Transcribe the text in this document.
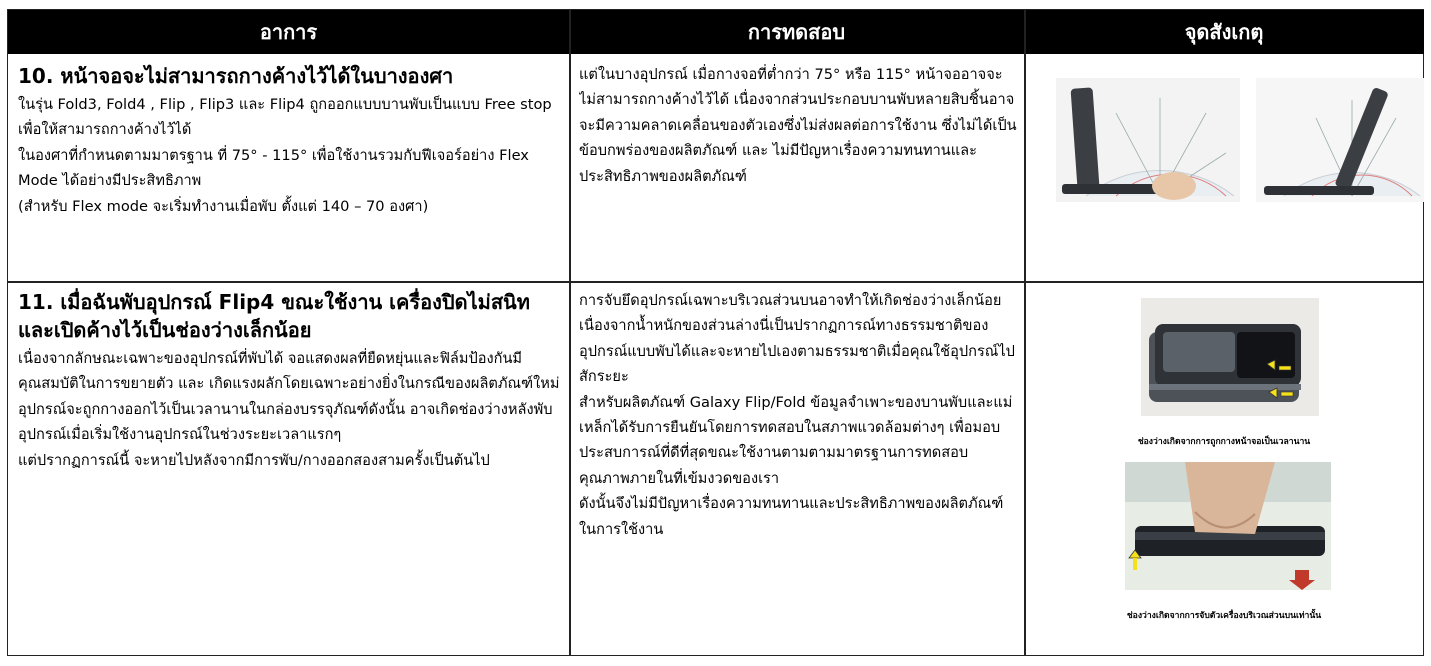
อาการ	การทดสอบ	จุดสังเกตุ
10. หน้าจอจะไม่สามารถกางค้างไว้ได้ในบางองศา

ในรุ่น Fold3, Fold4 , Flip , Flip3 และ Flip4 ถูกออกแบบบานพับเป็นแบบ Free stop เพื่อให้สามารถกางค้างไว้ได้

ในองศาที่กำหนดตามมาตรฐาน ที่ 75° - 115° เพื่อใช้งานรวมกับฟีเจอร์อย่าง Flex Mode ได้อย่างมีประสิทธิภาพ

(สำหรับ Flex mode จะเริ่มทำงานเมื่อพับ ตั้งแต่ 140 – 70 องศา)

แต่ในบางอุปกรณ์ เมื่อกางจอที่ต่ำกว่า 75° หรือ 115° หน้าจออาจจะไม่สามารถกางค้างไว้ได้ เนื่องจากส่วนประกอบบานพับหลายสิบชิ้นอาจจะมีความคลาดเคลื่อนของตัวเองซึ่งไม่ส่งผลต่อการใช้งาน ซึ่งไม่ได้เป็นข้อบกพร่องของผลิตภัณฑ์ และ ไม่มีปัญหาเรื่องความทนทานและประสิทธิภาพของผลิตภัณฑ์

11. เมื่อฉันพับอุปกรณ์ Flip4 ขณะใช้งาน เครื่องปิดไม่สนิทและเปิดค้างไว้เป็นช่องว่างเล็กน้อย

เนื่องจากลักษณะเฉพาะของอุปกรณ์ที่พับได้ จอแสดงผลที่ยืดหยุ่นและฟิล์มป้องกันมีคุณสมบัติในการขยายตัว และ เกิดแรงผลักโดยเฉพาะอย่างยิ่งในกรณีของผลิตภัณฑ์ใหม่ อุปกรณ์จะถูกกางออกไว้เป็นเวลานานในกล่องบรรจุภัณฑ์ดังนั้น อาจเกิดช่องว่างหลังพับอุปกรณ์เมื่อเริ่มใช้งานอุปกรณ์ในช่วงระยะเวลาแรกๆ

แต่ปรากฏการณ์นี้ จะหายไปหลังจากมีการพับ/กางออกสองสามครั้งเป็นต้นไป

การจับยึดอุปกรณ์เฉพาะบริเวณส่วนบนอาจทำให้เกิดช่องว่างเล็กน้อยเนื่องจากน้ำหนักของส่วนล่างนี่เป็นปรากฏการณ์ทางธรรมชาติของอุปกรณ์แบบพับได้และจะหายไปเองตามธรรมชาติเมื่อคุณใช้อุปกรณ์ไปสักระยะ

สำหรับผลิตภัณฑ์ Galaxy Flip/Fold ข้อมูลจำเพาะของบานพับและแม่เหล็กได้รับการยืนยันโดยการทดสอบในสภาพแวดล้อมต่างๆ เพื่อมอบประสบการณ์ที่ดีที่สุดขณะใช้งานตามตามมาตรฐานการทดสอบคุณภาพภายในที่เข้มงวดของเรา

ดังนั้นจึงไม่มีปัญหาเรื่องความทนทานและประสิทธิภาพของผลิตภัณฑ์ในการใช้งาน

ช่องว่างเกิดจากการถูกกางหน้าจอเป็นเวลานาน
ช่องว่างเกิดจากการจับตัวเครื่องบริเวณส่วนบนเท่านั้น
